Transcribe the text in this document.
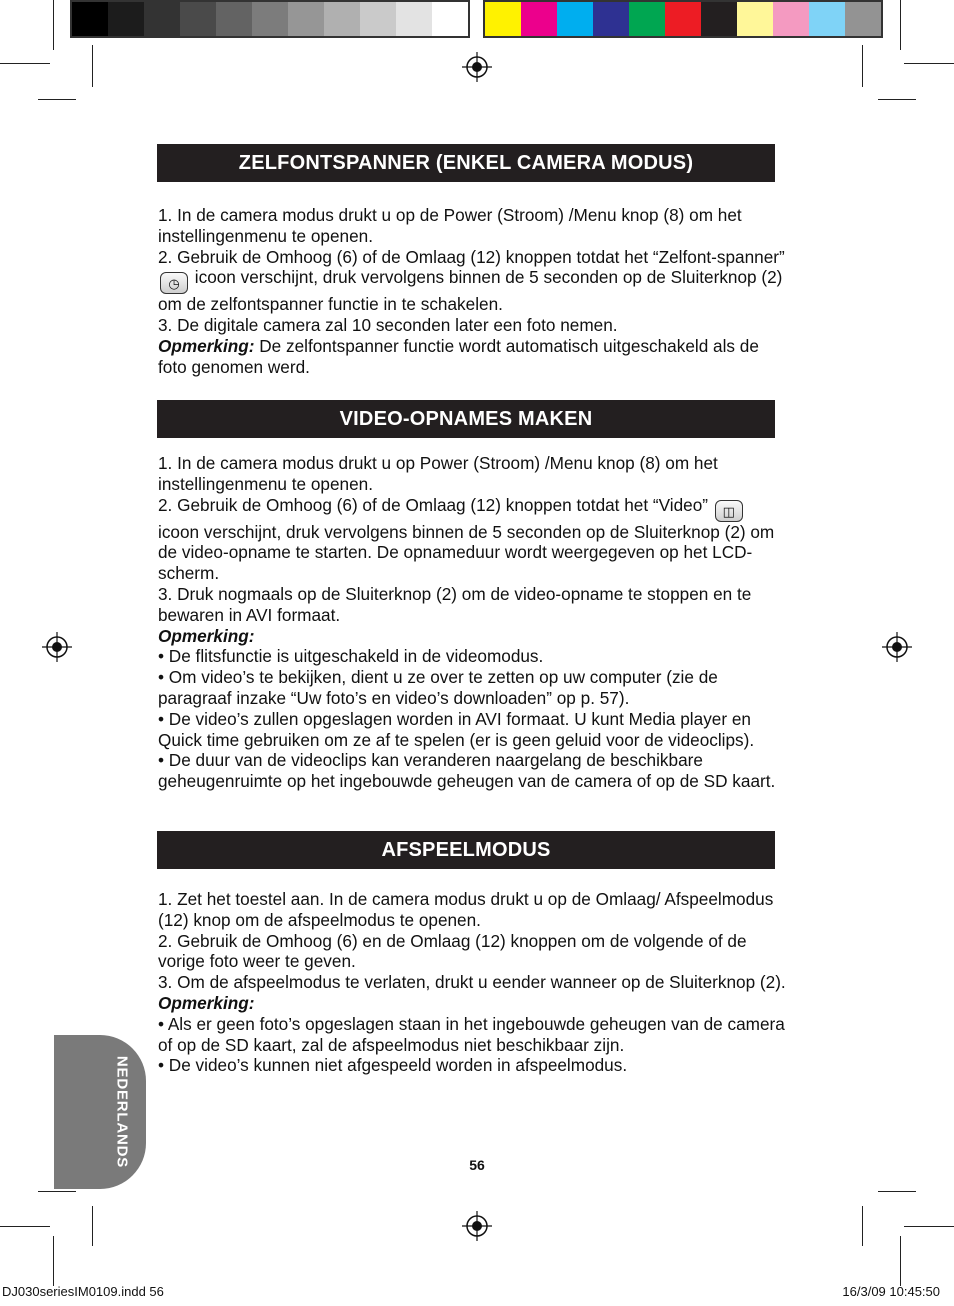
ZELFONTSPANNER (ENKEL CAMERA MODUS)

1. In de camera modus drukt u op de Power (Stroom) /Menu knop (8) om het instellingenmenu te openen.

2. Gebruik de Omhoog (6) of de Omlaag (12) knoppen totdat het “Zelfont-spanner” ◷ icoon verschijnt, druk vervolgens binnen de 5 seconden op de Sluiterknop (2) om de zelfontspanner functie in te schakelen.

3. De digitale camera zal 10 seconden later een foto nemen.

Opmerking: De zelfontspanner functie wordt automatisch uitgeschakeld als de foto genomen werd.

VIDEO-OPNAMES MAKEN

1. In de camera modus drukt u op Power (Stroom) /Menu knop (8) om het instellingenmenu te openen.

2. Gebruik de Omhoog (6) of de Omlaag (12) knoppen totdat het “Video” ◫ icoon verschijnt, druk vervolgens binnen de 5 seconden op de Sluiterknop (2) om de video-opname te starten. De opnameduur wordt weergegeven op het LCD-scherm.

3. Druk nogmaals op de Sluiterknop (2) om de video-opname te stoppen en te bewaren in AVI formaat.

Opmerking:

• De flitsfunctie is uitgeschakeld in de videomodus.

• Om video’s te bekijken, dient u ze over te zetten op uw computer (zie de paragraaf inzake “Uw foto’s en video’s downloaden” op p. 57).

• De video’s zullen opgeslagen worden in AVI formaat. U kunt Media player en Quick time gebruiken om ze af te spelen (er is geen geluid voor de videoclips).

• De duur van de videoclips kan veranderen naargelang de beschikbare geheugenruimte op het ingebouwde geheugen van de camera of op de SD kaart.

AFSPEELMODUS

1. Zet het toestel aan. In de camera modus drukt u op de Omlaag/ Afspeelmodus (12) knop om de afspeelmodus te openen.

2. Gebruik de Omhoog (6) en de Omlaag (12) knoppen om de volgende of de vorige foto weer te geven.

3. Om de afspeelmodus te verlaten, drukt u eender wanneer op de Sluiterknop (2).

Opmerking:

• Als er geen foto’s opgeslagen staan in het ingebouwde geheugen van de camera of op de SD kaart, zal de afspeelmodus niet beschikbaar zijn.

• De video’s kunnen niet afgespeeld worden in afspeelmodus.

NEDERLANDS	56
DJ030seriesIM0109.indd 56	16/3/09 10:45:50
